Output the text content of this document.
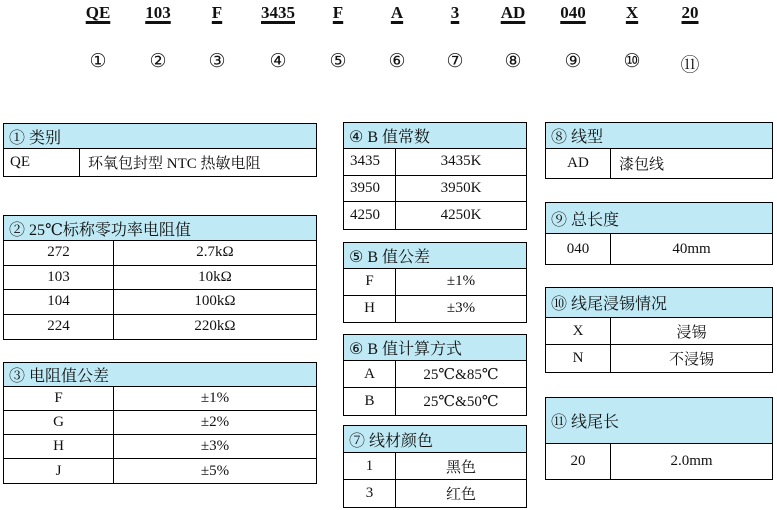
QE
①
103
②
F
③
3435
④
F
⑤
A
⑥
3
⑦
AD
⑧
040
⑨
X
⑩
20
⑪
① 类别
QE	环氧包封型 NTC 热敏电阻
② 25℃标称零功率电阻值
272	2.7kΩ
103	10kΩ
104	100kΩ
224	220kΩ
③ 电阻值公差
F	±1%
G	±2%
H	±3%
J	±5%
④ B 值常数
3435	3435K
3950	3950K
4250	4250K
⑤ B 值公差
F	±1%
H	±3%
⑥ B 值计算方式
A	25℃&85℃
B	25℃&50℃
⑦ 线材颜色
1	黑色
3	红色
⑧ 线型
AD	漆包线
⑨ 总长度
040	40mm
⑩ 线尾浸锡情况
X	浸锡
N	不浸锡
⑪ 线尾长
20	2.0mm
